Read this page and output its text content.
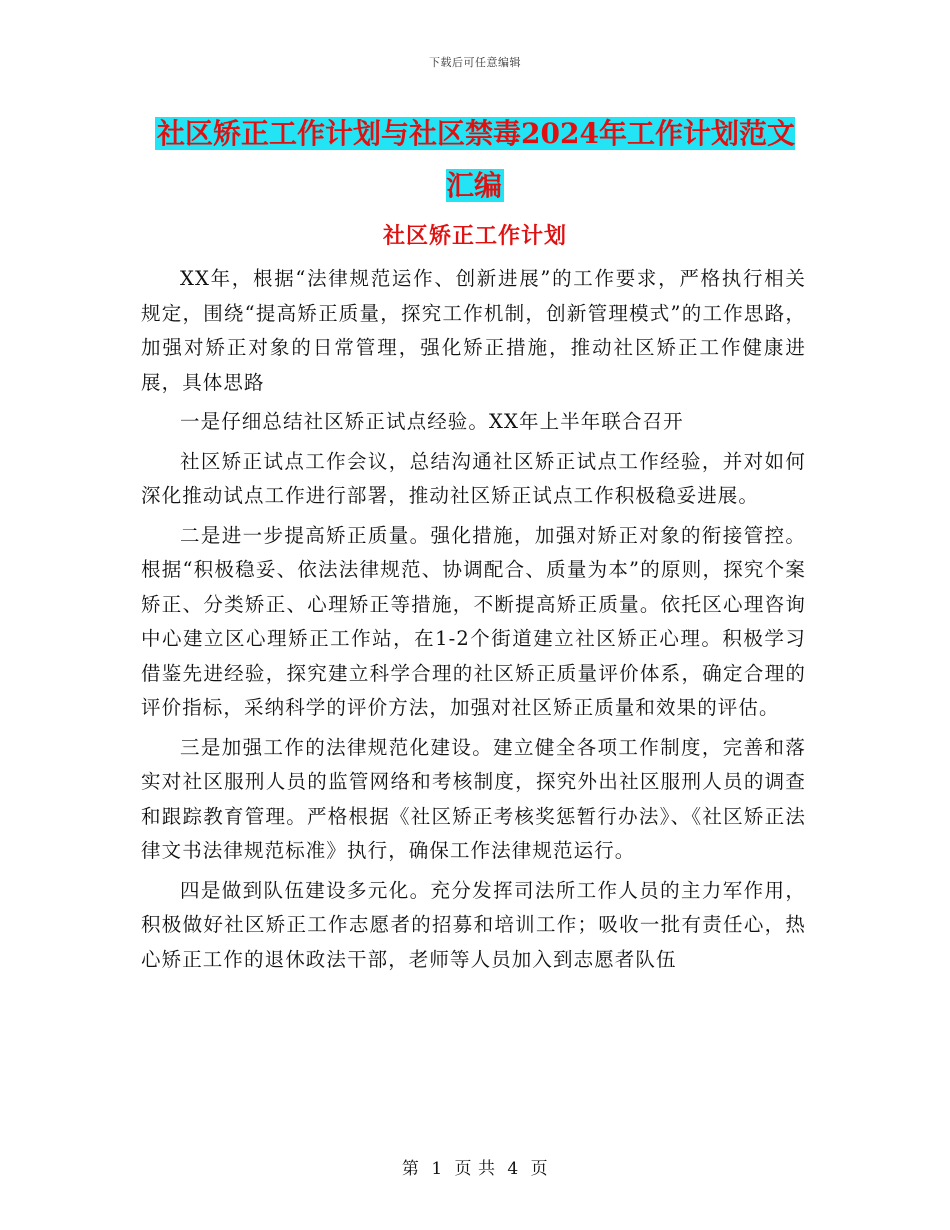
下载后可任意编辑
社区矫正工作计划与社区禁毒2024年工作计划范文汇编
社区矫正工作计划

XX年，根据“法律规范运作、创新进展”的工作要求，严格执行相关规定，围绕“提高矫正质量，探究工作机制，创新管理模式”的工作思路，加强对矫正对象的日常管理，强化矫正措施，推动社区矫正工作健康进展，具体思路

一是仔细总结社区矫正试点经验。XX年上半年联合召开

社区矫正试点工作会议，总结沟通社区矫正试点工作经验，并对如何深化推动试点工作进行部署，推动社区矫正试点工作积极稳妥进展。

二是进一步提高矫正质量。强化措施，加强对矫正对象的衔接管控。根据“积极稳妥、依法法律规范、协调配合、质量为本”的原则，探究个案矫正、分类矫正、心理矫正等措施，不断提高矫正质量。依托区心理咨询中心建立区心理矫正工作站，在1-2个街道建立社区矫正心理。积极学习借鉴先进经验，探究建立科学合理的社区矫正质量评价体系，确定合理的评价指标，采纳科学的评价方法，加强对社区矫正质量和效果的评估。

三是加强工作的法律规范化建设。建立健全各项工作制度，完善和落实对社区服刑人员的监管网络和考核制度，探究外出社区服刑人员的调查和跟踪教育管理。严格根据《社区矫正考核奖惩暂行办法》、《社区矫正法律文书法律规范标准》执行，确保工作法律规范运行。

四是做到队伍建设多元化。充分发挥司法所工作人员的主力军作用，积极做好社区矫正工作志愿者的招募和培训工作；吸收一批有责任心，热心矫正工作的退休政法干部，老师等人员加入到志愿者队伍

第 1 页 共 4 页
